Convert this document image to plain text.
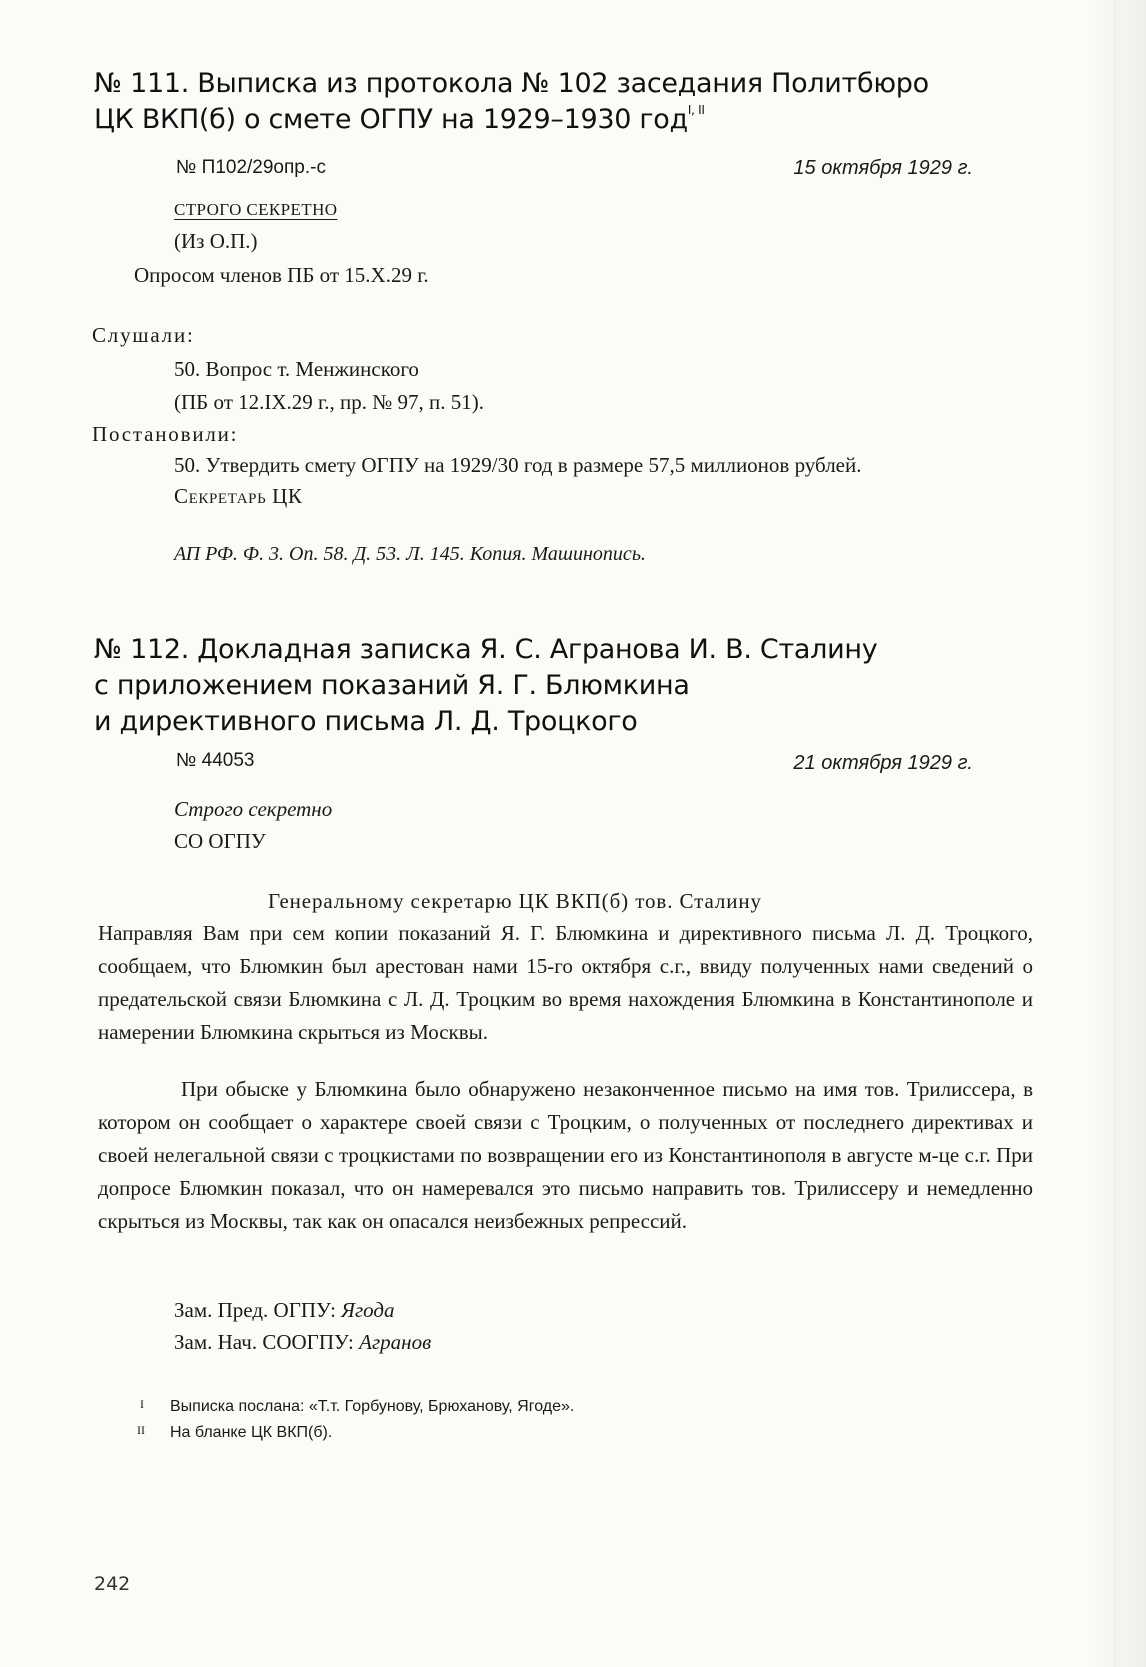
№ 111. Выписка из протокола № 102 заседания Политбюро
ЦК ВКП(б) о смете ОГПУ на 1929–1930 год$^{I, II}$
№ П102/29опр.-с	15 октября 1929 г.
СТРОГО СЕКРЕТНО
(Из О.П.)
Опросом членов ПБ от 15.Х.29 г.
Слушали:
50. Вопрос т. Менжинского
(ПБ от 12.IX.29 г., пр. № 97, п. 51).
Постановили:
50. Утвердить смету ОГПУ на 1929/30 год в размере 57,5 миллионов рублей.
Секретарь ЦК
АП РФ. Ф. 3. Оп. 58. Д. 53. Л. 145. Копия. Машинопись.
№ 112. Докладная записка Я. С. Агранова И. В. Сталину
с приложением показаний Я. Г. Блюмкина
и директивного письма Л. Д. Троцкого
№ 44053	21 октября 1929 г.
Строго секретно
СО ОГПУ
Генеральному секретарю ЦК ВКП(б) тов. Сталину
Направляя Вам при сем копии показаний Я. Г. Блюмкина и директивного письма Л. Д. Троцкого, сообщаем, что Блюмкин был арестован нами 15-го октября с.г., ввиду полученных нами сведений о предательской связи Блюмкина с Л. Д. Троцким во время нахождения Блюмкина в Константинополе и намерении Блюмкина скрыться из Москвы.
При обыске у Блюмкина было обнаружено незаконченное письмо на имя тов. Трилиссера, в котором он сообщает о характере своей связи с Троцким, о полученных от последнего директивах и своей нелегальной связи с троцкистами по возвращении его из Константинополя в августе м-це с.г. При допросе Блюмкин показал, что он намеревался это письмо направить тов. Трилиссеру и немедленно скрыться из Москвы, так как он опасался неизбежных репрессий.
Зам. Пред. ОГПУ: Ягода
Зам. Нач. СООГПУ: Агранов
I Выписка послана: «Т.т. Горбунову, Брюханову, Ягоде».
II На бланке ЦК ВКП(б).
242
